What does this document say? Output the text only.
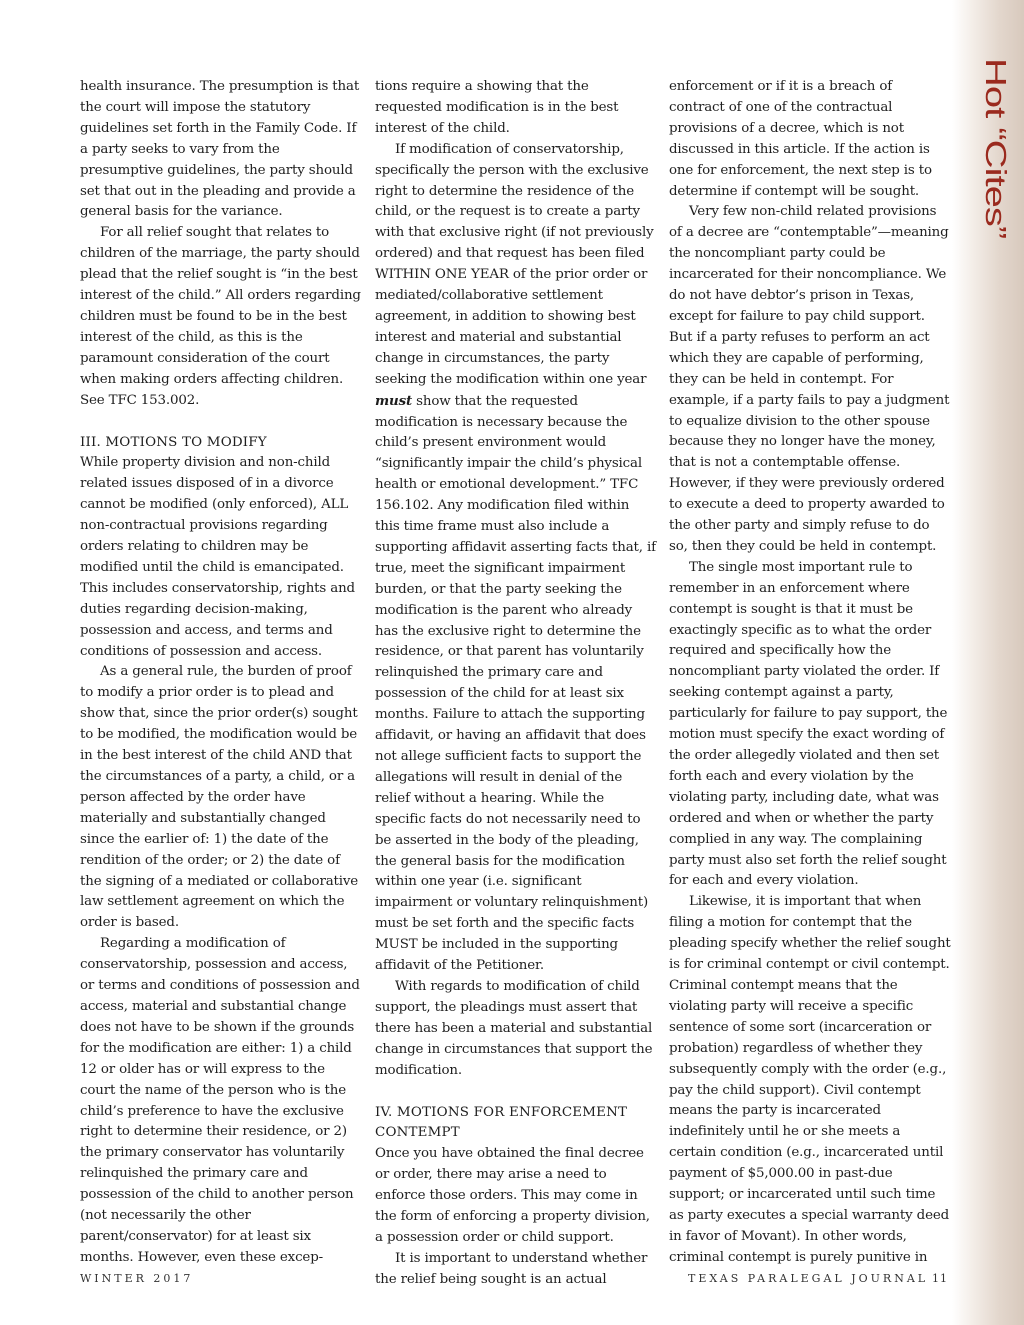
Hot “Cites”

health insurance. The presumption is that the court will impose the statutory guidelines set forth in the Family Code. If a party seeks to vary from the presumptive guidelines, the party should set that out in the pleading and provide a general basis for the variance.

For all relief sought that relates to children of the marriage, the party should plead that the relief sought is “in the best interest of the child.” All orders regarding children must be found to be in the best interest of the child, as this is the paramount consideration of the court when making orders affecting children. See TFC 153.002.

III. MOTIONS TO MODIFY

While property division and non-child related issues disposed of in a divorce cannot be modified (only enforced), ALL non-contractual provisions regarding orders relating to children may be modified until the child is emancipated. This includes conservatorship, rights and duties regarding decision-making, possession and access, and terms and conditions of possession and access.

As a general rule, the burden of proof to modify a prior order is to plead and show that, since the prior order(s) sought to be modified, the modification would be in the best interest of the child AND that the circumstances of a party, a child, or a person affected by the order have materially and substantially changed since the earlier of: 1) the date of the rendition of the order; or 2) the date of the signing of a mediated or collaborative law settlement agreement on which the order is based.

Regarding a modification of conservatorship, possession and access, or terms and conditions of possession and access, material and substantial change does not have to be shown if the grounds for the modification are either: 1) a child 12 or older has or will express to the court the name of the person who is the child’s preference to have the exclusive right to determine their residence, or 2) the primary conservator has voluntarily relinquished the primary care and possession of the child to another person (not necessarily the other parent/conservator) for at least six months. However, even these excep-

tions require a showing that the requested modification is in the best interest of the child.

If modification of conservatorship, specifically the person with the exclusive right to determine the residence of the child, or the request is to create a party with that exclusive right (if not previously ordered) and that request has been filed WITHIN ONE YEAR of the prior order or mediated/collaborative settlement agreement, in addition to showing best interest and material and substantial change in circumstances, the party seeking the modification within one year must show that the requested modification is necessary because the child’s present environment would “significantly impair the child’s physical health or emotional development.” TFC 156.102. Any modification filed within this time frame must also include a supporting affidavit asserting facts that, if true, meet the significant impairment burden, or that the party seeking the modification is the parent who already has the exclusive right to determine the residence, or that parent has voluntarily relinquished the primary care and possession of the child for at least six months. Failure to attach the supporting affidavit, or having an affidavit that does not allege sufficient facts to support the allegations will result in denial of the relief without a hearing. While the specific facts do not necessarily need to be asserted in the body of the pleading, the general basis for the modification within one year (i.e. significant impairment or voluntary relinquishment) must be set forth and the specific facts MUST be included in the supporting affidavit of the Petitioner.

With regards to modification of child support, the pleadings must assert that there has been a material and substantial change in circumstances that support the modification.

IV. MOTIONS FOR ENFORCEMENT CONTEMPT

Once you have obtained the final decree or order, there may arise a need to enforce those orders. This may come in the form of enforcing a property division, a possession order or child support.

It is important to understand whether the relief being sought is an actual

enforcement or if it is a breach of contract of one of the contractual provisions of a decree, which is not discussed in this article. If the action is one for enforcement, the next step is to determine if contempt will be sought.

Very few non-child related provisions of a decree are “contemptable”—meaning the noncompliant party could be incarcerated for their noncompliance. We do not have debtor’s prison in Texas, except for failure to pay child support. But if a party refuses to perform an act which they are capable of performing, they can be held in contempt. For example, if a party fails to pay a judgment to equalize division to the other spouse because they no longer have the money, that is not a contemptable offense. However, if they were previously ordered to execute a deed to property awarded to the other party and simply refuse to do so, then they could be held in contempt.

The single most important rule to remember in an enforcement where contempt is sought is that it must be exactingly specific as to what the order required and specifically how the noncompliant party violated the order. If seeking contempt against a party, particularly for failure to pay support, the motion must specify the exact wording of the order allegedly violated and then set forth each and every violation by the violating party, including date, what was ordered and when or whether the party complied in any way. The complaining party must also set forth the relief sought for each and every violation.

Likewise, it is important that when filing a motion for contempt that the pleading specify whether the relief sought is for criminal contempt or civil contempt. Criminal contempt means that the violating party will receive a specific sentence of some sort (incarceration or probation) regardless of whether they subsequently comply with the order (e.g., pay the child support). Civil contempt means the party is incarcerated indefinitely until he or she meets a certain condition (e.g., incarcerated until payment of $5,000.00 in past-due support; or incarcerated until such time as party executes a special warranty deed in favor of Movant). In other words, criminal contempt is purely punitive in

WINTER 2017	TEXAS PARALEGAL JOURNAL 11
